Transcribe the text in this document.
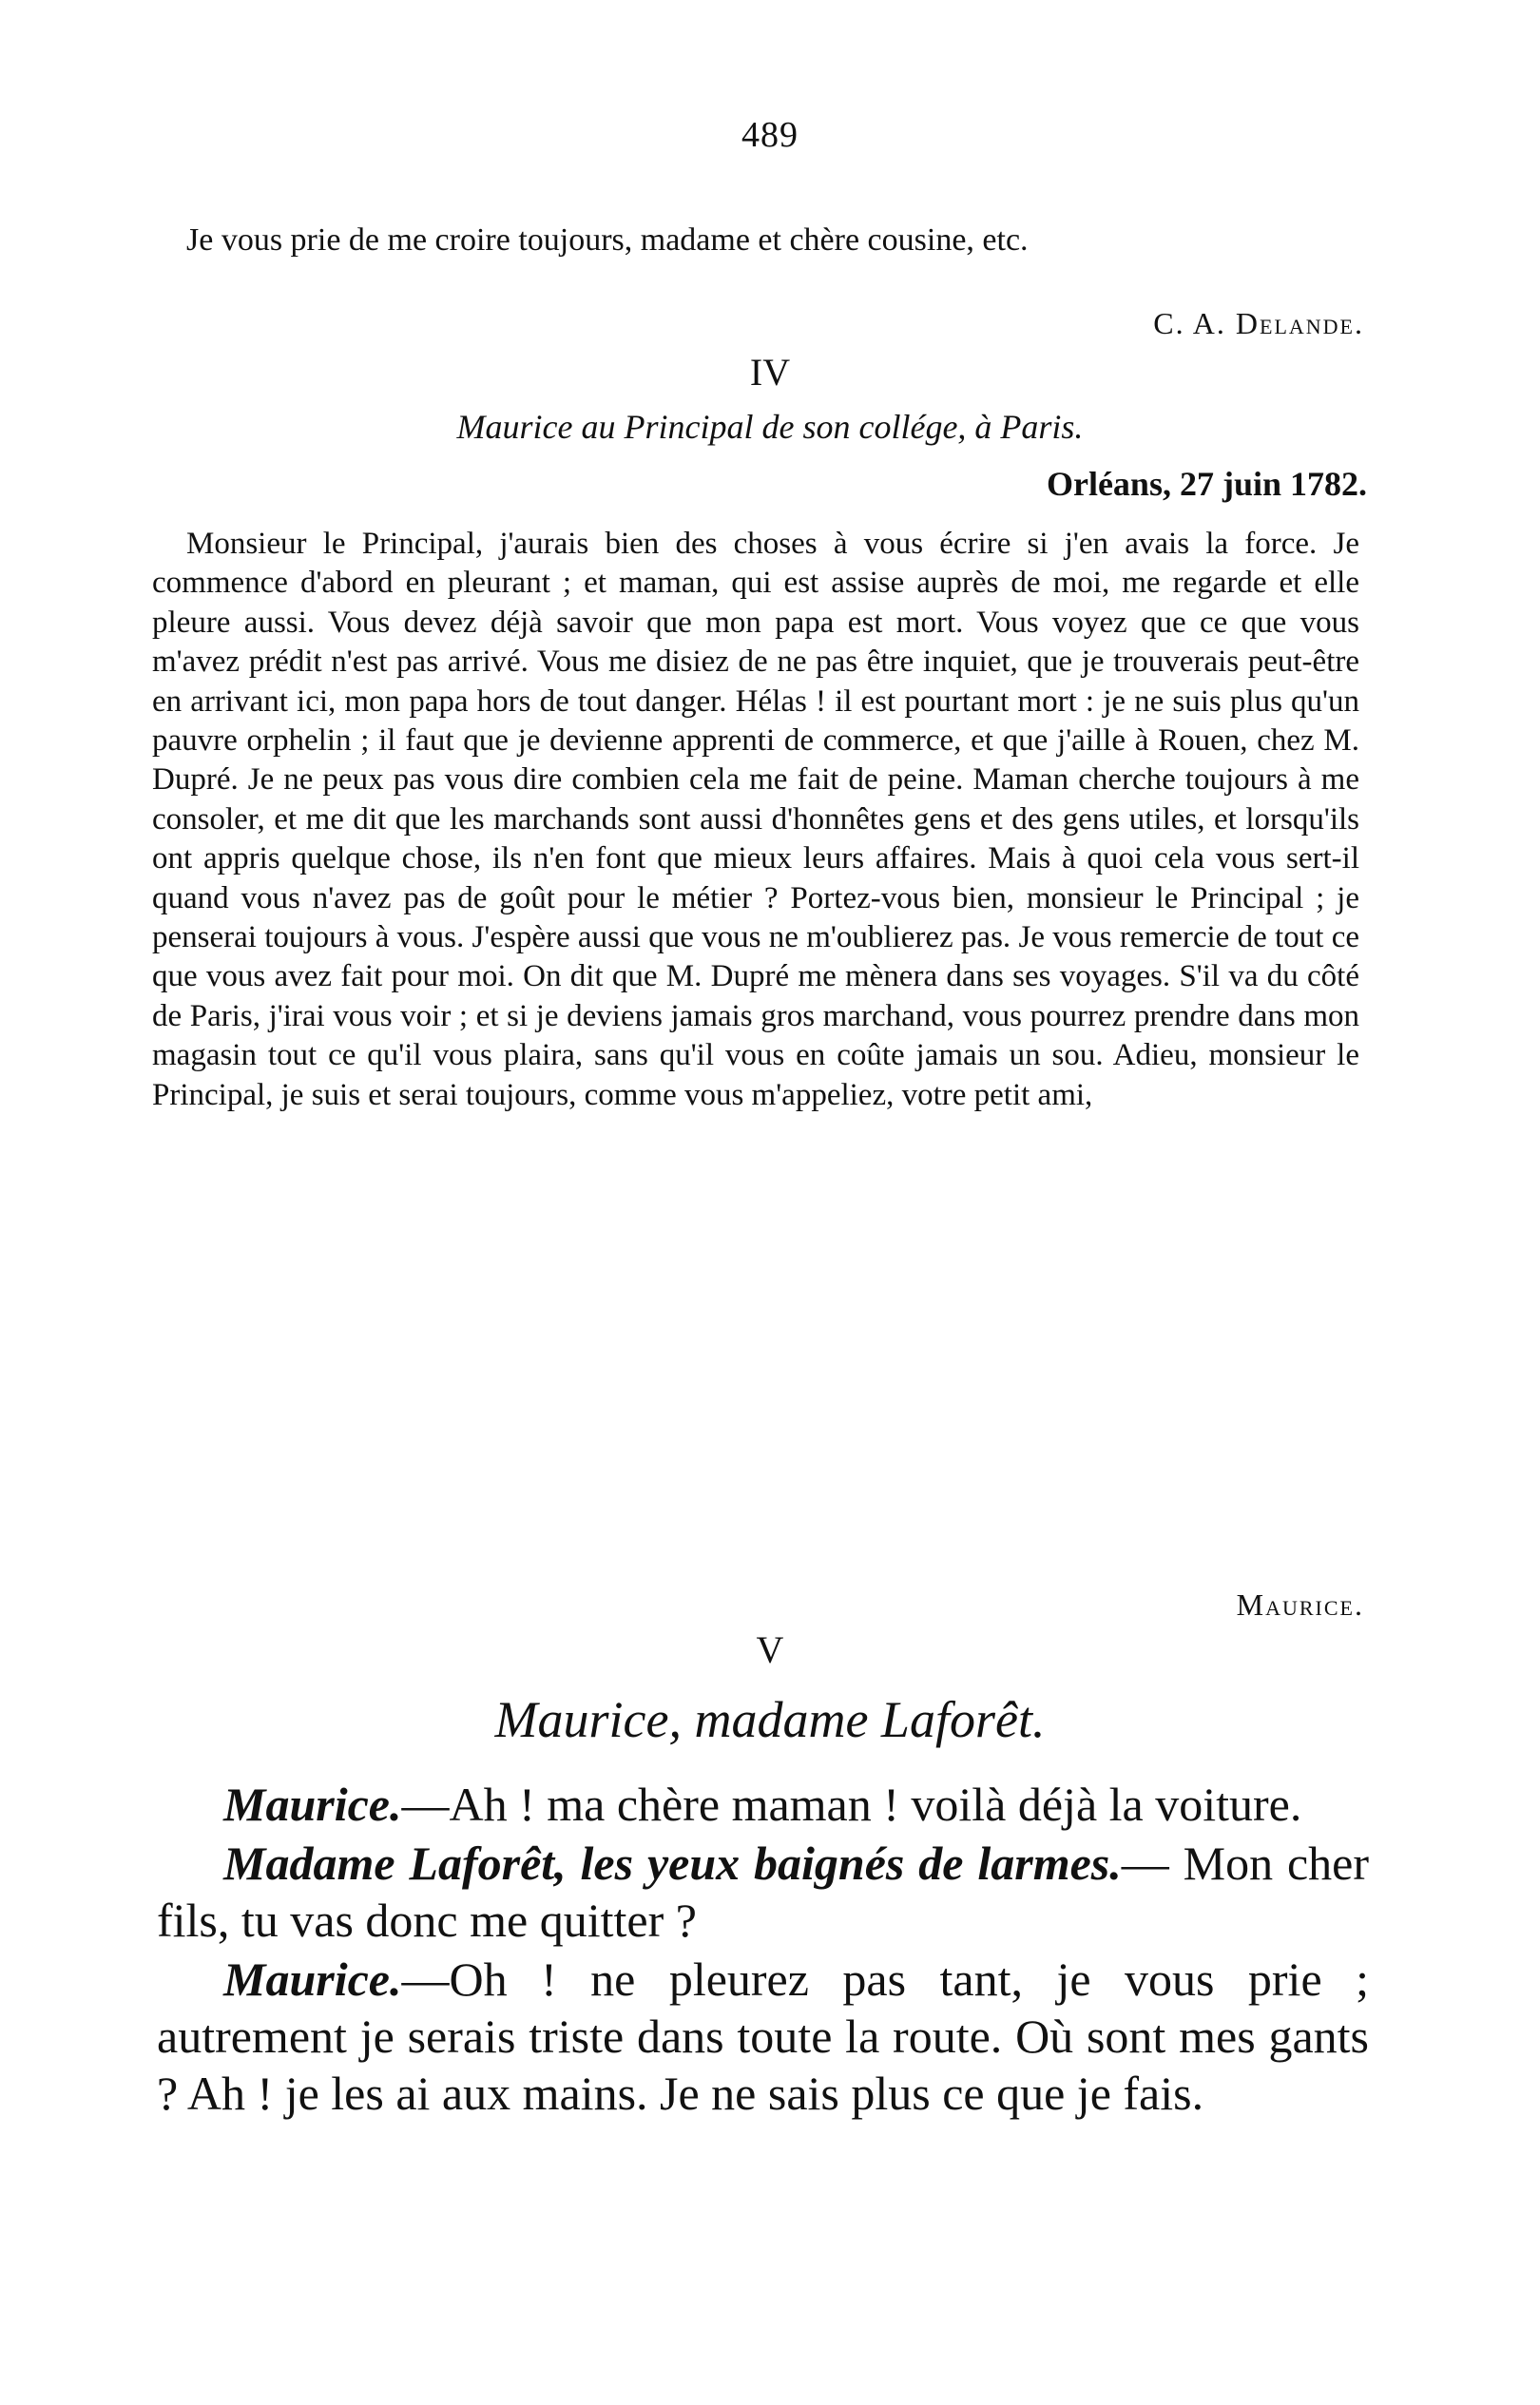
489

Je vous prie de me croire toujours, madame et chère cousine, etc.

C. A. Delande.
IV
Maurice au Principal de son collége, à Paris.
Orléans, 27 juin 1782.

Monsieur le Principal, j'aurais bien des choses à vous écrire si j'en avais la force. Je commence d'abord en pleurant ; et maman, qui est assise auprès de moi, me regarde et elle pleure aussi. Vous devez déjà savoir que mon papa est mort. Vous voyez que ce que vous m'avez prédit n'est pas arrivé. Vous me disiez de ne pas être inquiet, que je trouverais peut-être en arrivant ici, mon papa hors de tout danger. Hélas ! il est pourtant mort : je ne suis plus qu'un pauvre orphelin ; il faut que je devienne apprenti de commerce, et que j'aille à Rouen, chez M. Dupré. Je ne peux pas vous dire combien cela me fait de peine. Maman cherche toujours à me consoler, et me dit que les marchands sont aussi d'honnêtes gens et des gens utiles, et lorsqu'ils ont appris quelque chose, ils n'en font que mieux leurs affaires. Mais à quoi cela vous sert-il quand vous n'avez pas de goût pour le métier ? Portez-vous bien, monsieur le Principal ; je penserai toujours à vous. J'espère aussi que vous ne m'oublierez pas. Je vous remercie de tout ce que vous avez fait pour moi. On dit que M. Dupré me mènera dans ses voyages. S'il va du côté de Paris, j'irai vous voir ; et si je deviens jamais gros marchand, vous pourrez prendre dans mon magasin tout ce qu'il vous plaira, sans qu'il vous en coûte jamais un sou. Adieu, monsieur le Principal, je suis et serai toujours, comme vous m'appeliez, votre petit ami,

Maurice.
V
Maurice, madame Laforêt.

Maurice.—Ah ! ma chère maman ! voilà déjà la voiture.

Madame Laforêt, les yeux baignés de larmes.— Mon cher fils, tu vas donc me quitter ?

Maurice.—Oh ! ne pleurez pas tant, je vous prie ; autrement je serais triste dans toute la route. Où sont mes gants ? Ah ! je les ai aux mains. Je ne sais plus ce que je fais.
